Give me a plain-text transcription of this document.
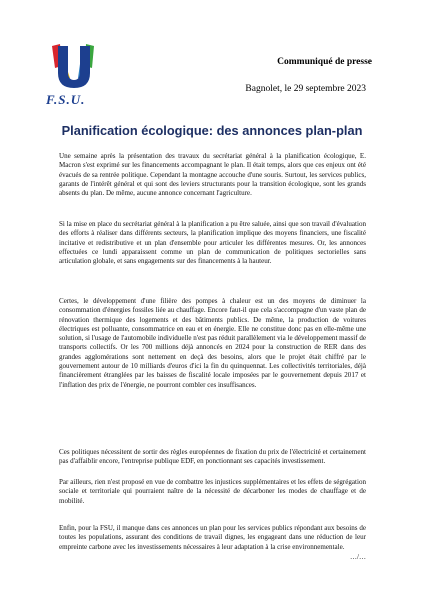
F.S.U.
Communiqué de presse
Bagnolet, le 29 septembre 2023
Planification écologique: des annonces plan-plan

Une semaine après la présentation des travaux du secrétariat général à la planification écologique, E. Macron s'est exprimé sur les financements accompagnant le plan. Il était temps, alors que ces enjeux ont été évacués de sa rentrée politique. Cependant la montagne accouche d'une souris. Surtout, les services publics, garants de l'intérêt général et qui sont des leviers structurants pour la transition écologique, sont les grands absents du plan. De même, aucune annonce concernant l'agriculture.

Si la mise en place du secrétariat général à la planification a pu être saluée, ainsi que son travail d'évaluation des efforts à réaliser dans différents secteurs, la planification implique des moyens financiers, une fiscalité incitative et redistributive et un plan d'ensemble pour articuler les différentes mesures. Or, les annonces effectuées ce lundi apparaissent comme un plan de communication de politiques sectorielles sans articulation globale, et sans engagements sur des financements à la hauteur.

Certes, le développement d'une filière des pompes à chaleur est un des moyens de diminuer la consommation d'énergies fossiles liée au chauffage. Encore faut-il que cela s'accompagne d'un vaste plan de rénovation thermique des logements et des bâtiments publics. De même, la production de voitures électriques est polluante, consommatrice en eau et en énergie. Elle ne constitue donc pas en elle-même une solution, si l'usage de l'automobile individuelle n'est pas réduit parallèlement via le développement massif de transports collectifs. Or les 700 millions déjà annoncés en 2024 pour la construction de RER dans des grandes agglomérations sont nettement en deçà des besoins, alors que le projet était chiffré par le gouvernement autour de 10 milliards d'euros d'ici la fin du quinquennat. Les collectivités territoriales, déjà financièrement étranglées par les baisses de fiscalité locale imposées par le gouvernement depuis 2017 et l'inflation des prix de l'énergie, ne pourront combler ces insuffisances.

Ces politiques nécessitent de sortir des règles européennes de fixation du prix de l'électricité et certainement pas d'affaiblir encore, l'entreprise publique EDF, en ponctionnant ses capacités investissement.

Par ailleurs, rien n'est proposé en vue de combattre les injustices supplémentaires et les effets de ségrégation sociale et territoriale qui pourraient naître de la nécessité de décarboner les modes de chauffage et de mobilité.

Enfin, pour la FSU, il manque dans ces annonces un plan pour les services publics répondant aux besoins de toutes les populations, assurant des conditions de travail dignes, les engageant dans une réduction de leur empreinte carbone avec les investissements nécessaires à leur adaptation à la crise environnementale.

…/…
